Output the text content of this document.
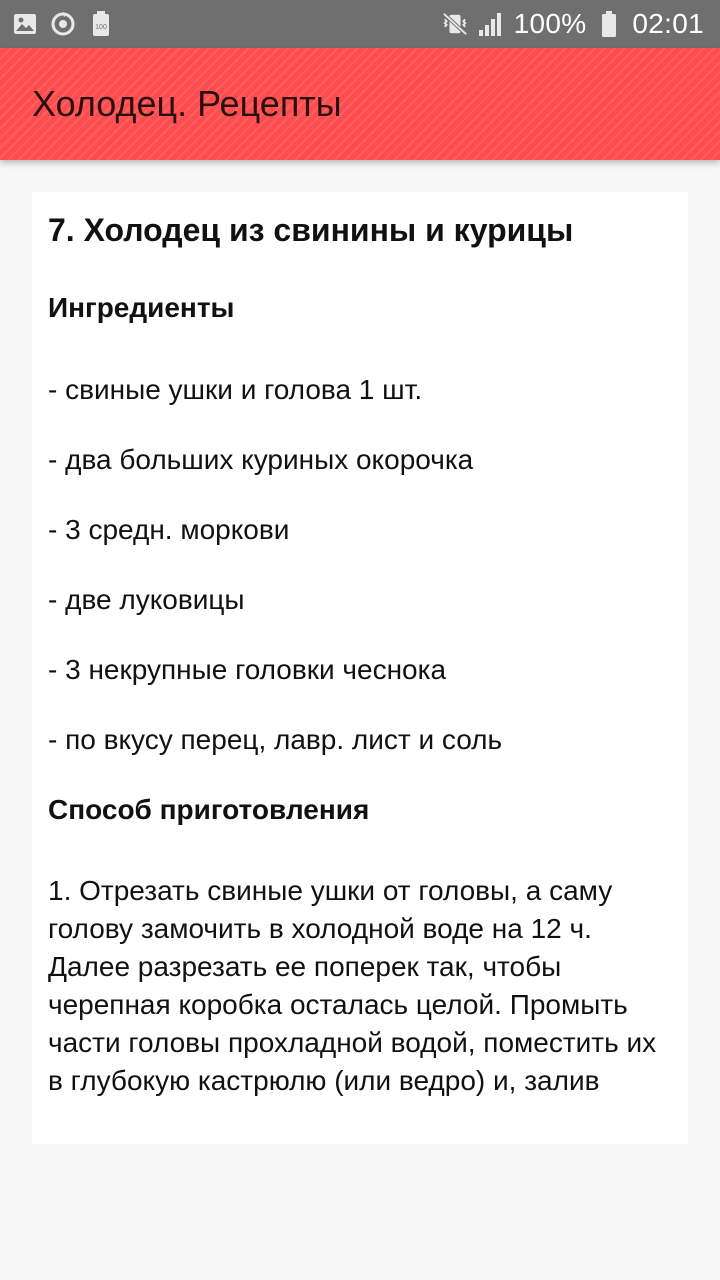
100	100% 02:01
Холодец. Рецепты
7. Холодец из свинины и курицы
Ингредиенты

- свиные ушки и голова 1 шт.

- два больших куриных окорочка

- 3 средн. моркови

- две луковицы

- 3 некрупные головки чеснока

- по вкусу перец, лавр. лист и соль

Способ приготовления

1. Отрезать свиные ушки от головы, а саму голову замочить в холодной воде на 12 ч. Далее разрезать ее поперек так, чтобы черепная коробка осталась целой. Промыть части головы прохладной водой, поместить их в глубокую кастрюлю (или ведро) и, залив
